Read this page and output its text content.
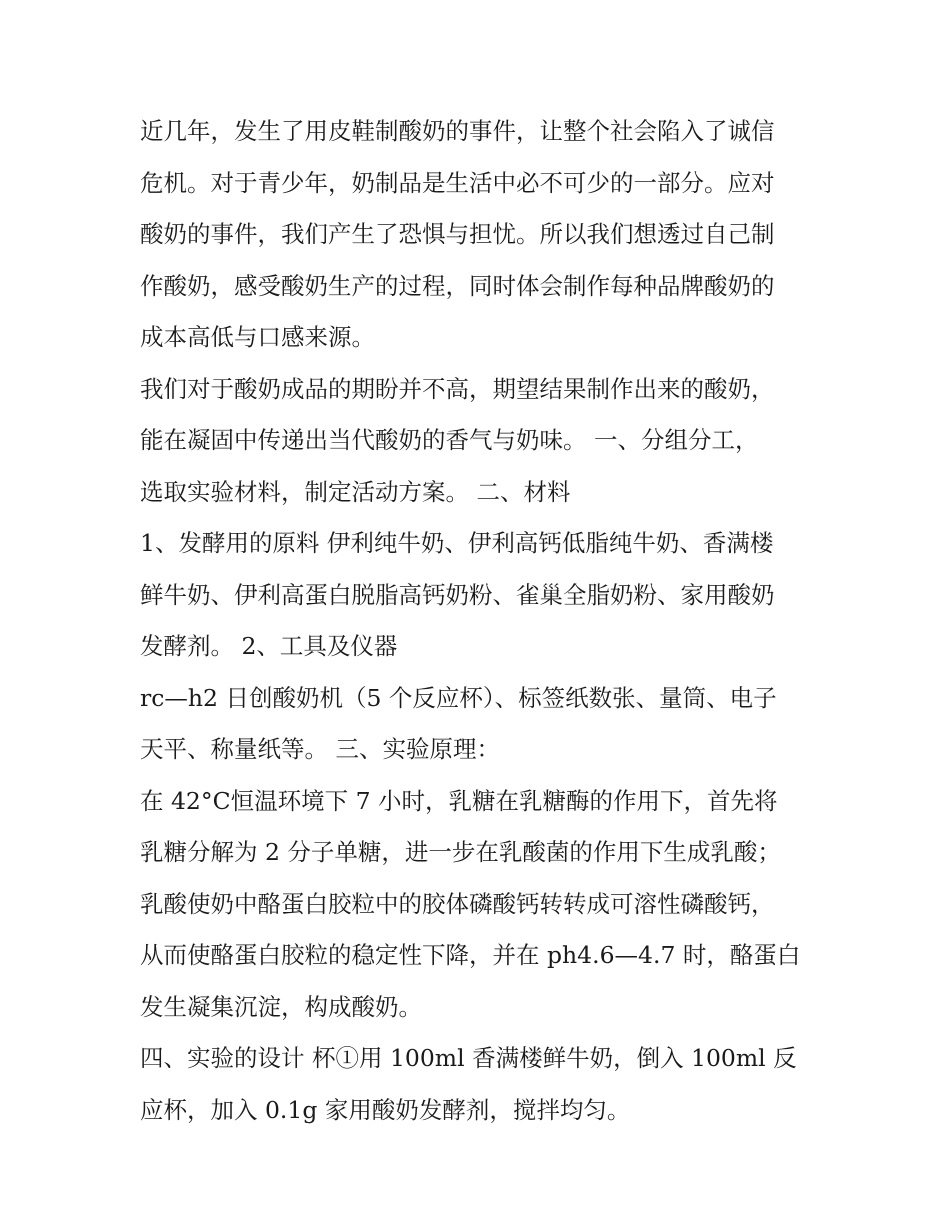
近几年，发生了用皮鞋制酸奶的事件，让整个社会陷入了诚信
危机。对于青少年，奶制品是生活中必不可少的一部分。应对
酸奶的事件，我们产生了恐惧与担忧。所以我们想透过自己制
作酸奶，感受酸奶生产的过程，同时体会制作每种品牌酸奶的
成本高低与口感来源。
我们对于酸奶成品的期盼并不高，期望结果制作出来的酸奶，
能在凝固中传递出当代酸奶的香气与奶味。 一、分组分工，
选取实验材料，制定活动方案。 二、材料
1、发酵用的原料 伊利纯牛奶、伊利高钙低脂纯牛奶、香满楼
鲜牛奶、伊利高蛋白脱脂高钙奶粉、雀巢全脂奶粉、家用酸奶
发酵剂。 2、工具及仪器
rc—h2 日创酸奶机（5 个反应杯）、标签纸数张、量筒、电子
天平、称量纸等。 三、实验原理：
在 42°C恒温环境下 7 小时，乳糖在乳糖酶的作用下，首先将
乳糖分解为 2 分子单糖，进一步在乳酸菌的作用下生成乳酸；
乳酸使奶中酪蛋白胶粒中的胶体磷酸钙转转成可溶性磷酸钙，
从而使酪蛋白胶粒的稳定性下降，并在 ph4.6—4.7 时，酪蛋白
发生凝集沉淀，构成酸奶。
四、实验的设计 杯①用 100ml 香满楼鲜牛奶，倒入 100ml 反
应杯，加入 0.1g 家用酸奶发酵剂，搅拌均匀。
